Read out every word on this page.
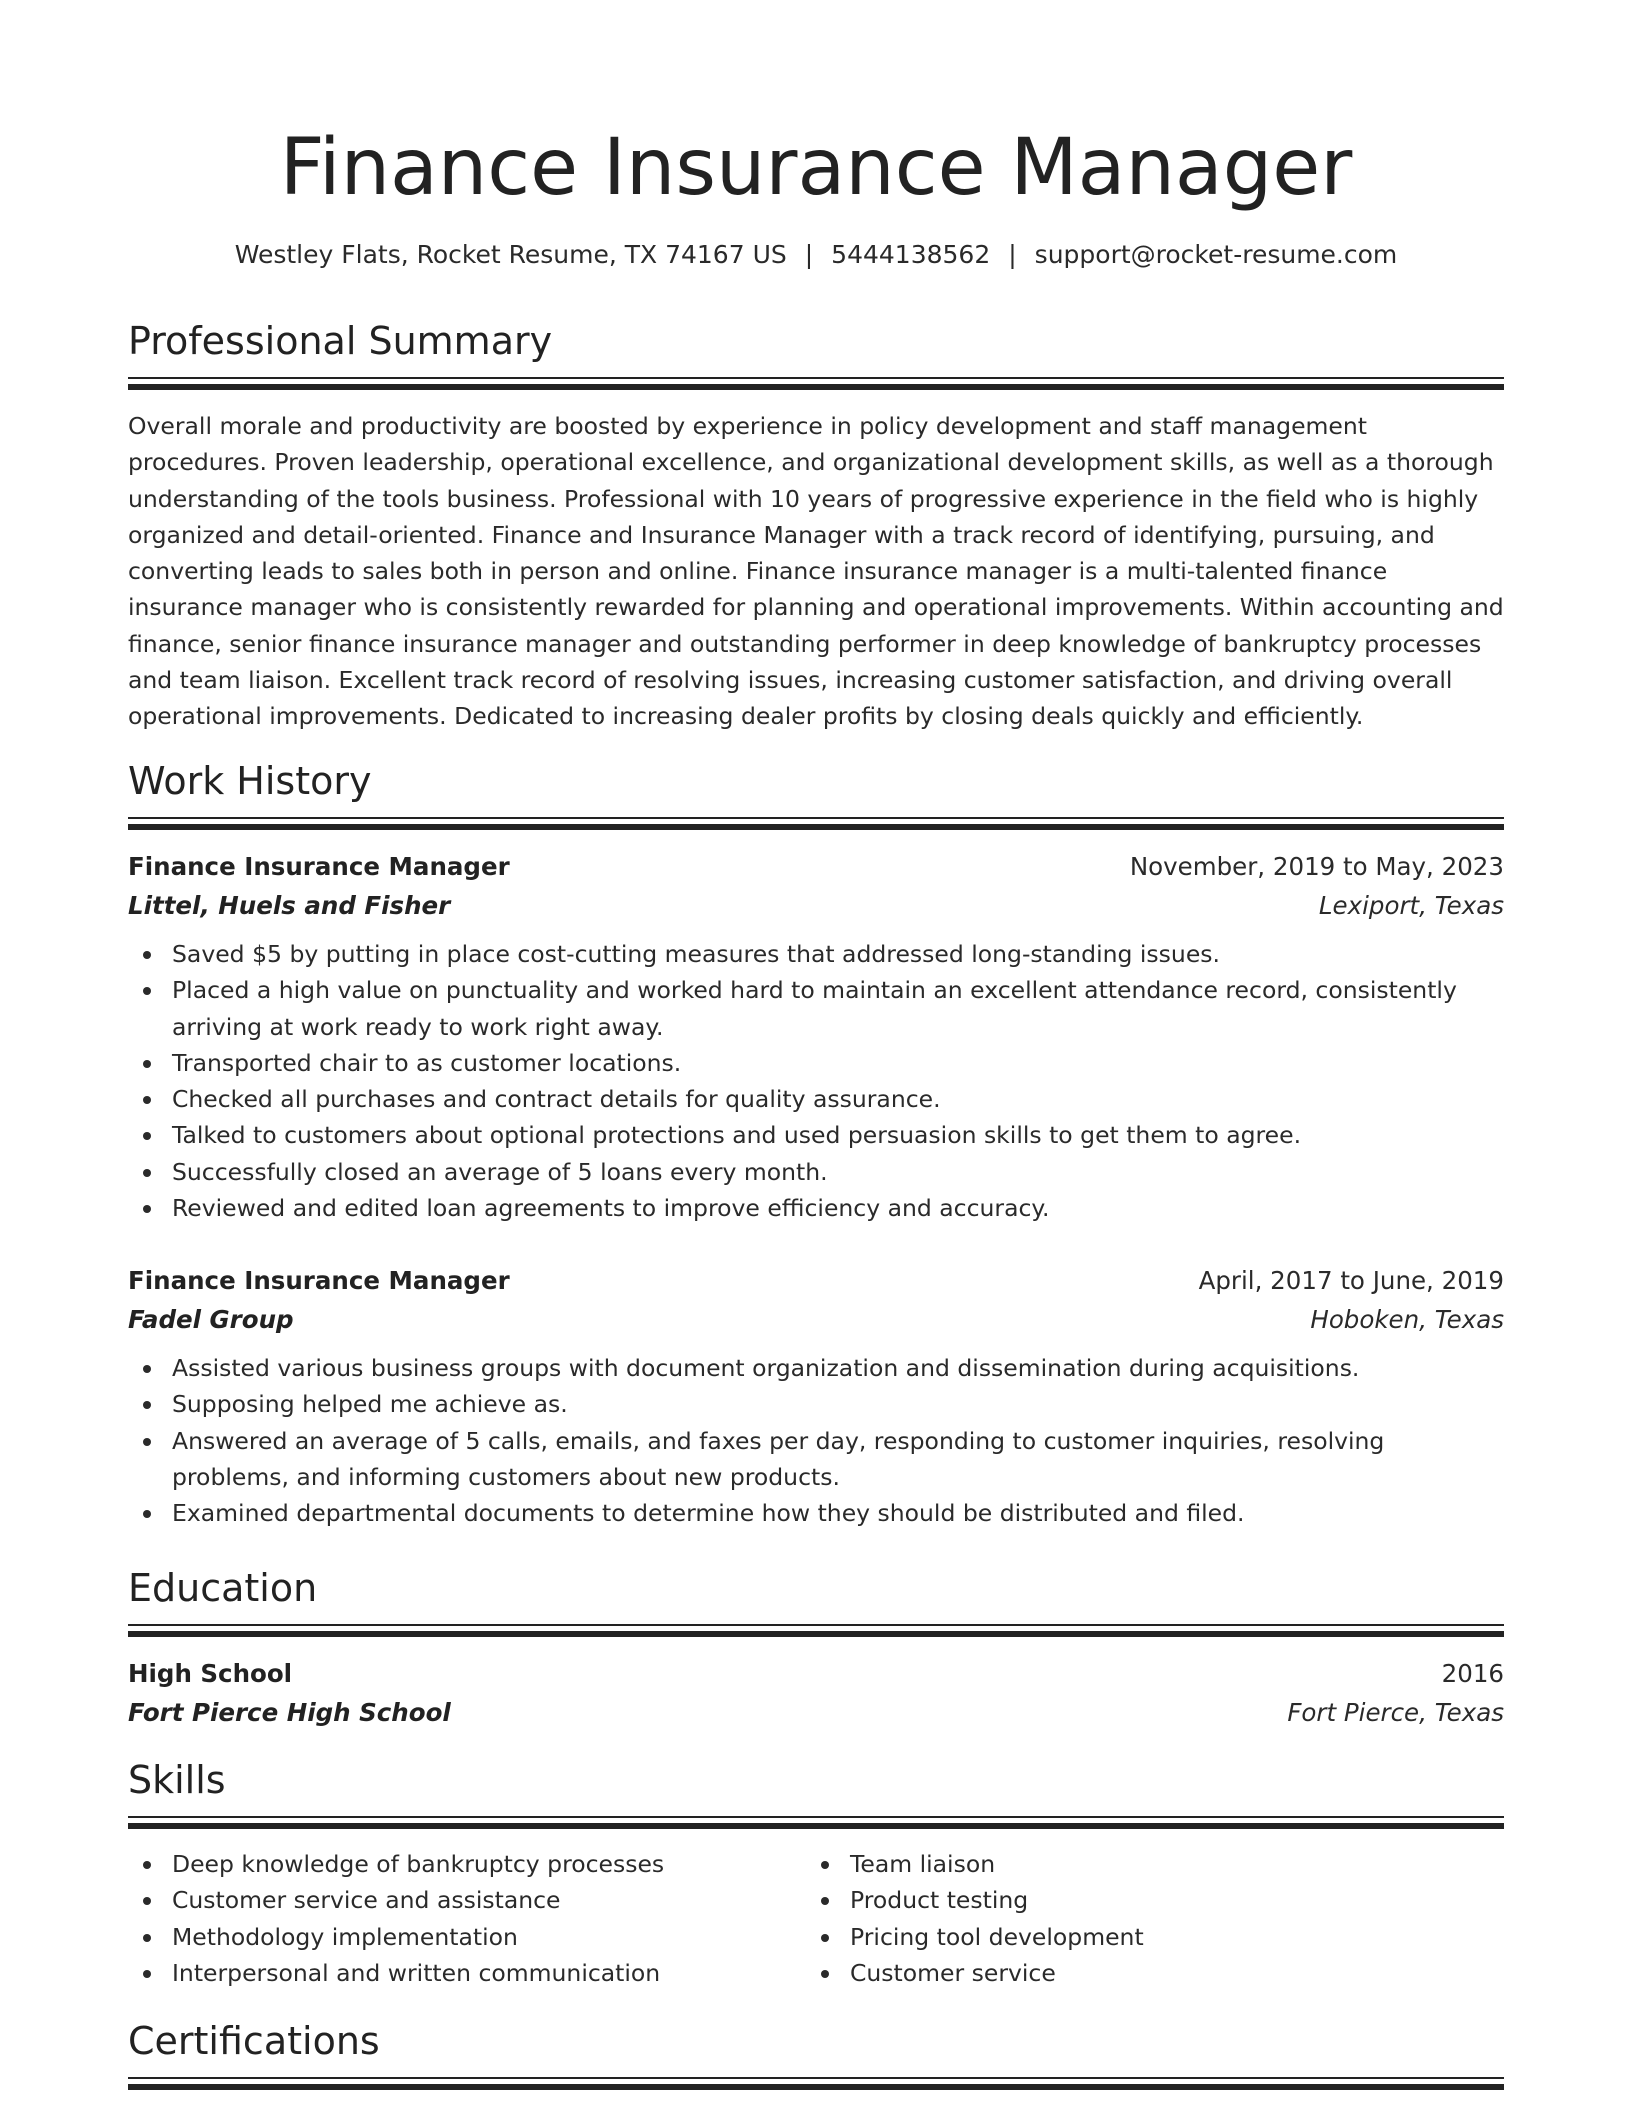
Finance Insurance Manager
Westley Flats, Rocket Resume, TX 74167 US | 5444138562 | support@rocket-resume.com
Professional Summary

Overall morale and productivity are boosted by experience in policy development and staff management procedures. Proven leadership, operational excellence, and organizational development skills, as well as a thorough understanding of the tools business. Professional with 10 years of progressive experience in the field who is highly organized and detail-oriented. Finance and Insurance Manager with a track record of identifying, pursuing, and converting leads to sales both in person and online. Finance insurance manager is a multi-talented finance insurance manager who is consistently rewarded for planning and operational improvements. Within accounting and finance, senior finance insurance manager and outstanding performer in deep knowledge of bankruptcy processes and team liaison. Excellent track record of resolving issues, increasing customer satisfaction, and driving overall operational improvements. Dedicated to increasing dealer profits by closing deals quickly and efficiently.

Work History
Finance Insurance Manager	November, 2019 to May, 2023
Littel, Huels and Fisher	Lexiport, Texas
Saved $5 by putting in place cost-cutting measures that addressed long-standing issues.
Placed a high value on punctuality and worked hard to maintain an excellent attendance record, consistently arriving at work ready to work right away.
Transported chair to as customer locations.
Checked all purchases and contract details for quality assurance.
Talked to customers about optional protections and used persuasion skills to get them to agree.
Successfully closed an average of 5 loans every month.
Reviewed and edited loan agreements to improve efficiency and accuracy.
Finance Insurance Manager	April, 2017 to June, 2019
Fadel Group	Hoboken, Texas
Assisted various business groups with document organization and dissemination during acquisitions.
Supposing helped me achieve as.
Answered an average of 5 calls, emails, and faxes per day, responding to customer inquiries, resolving problems, and informing customers about new products.
Examined departmental documents to determine how they should be distributed and filed.
Education
High School	2016
Fort Pierce High School	Fort Pierce, Texas
Skills
Deep knowledge of bankruptcy processes
Customer service and assistance
Methodology implementation
Interpersonal and written communication
Team liaison
Product testing
Pricing tool development
Customer service
Certifications
